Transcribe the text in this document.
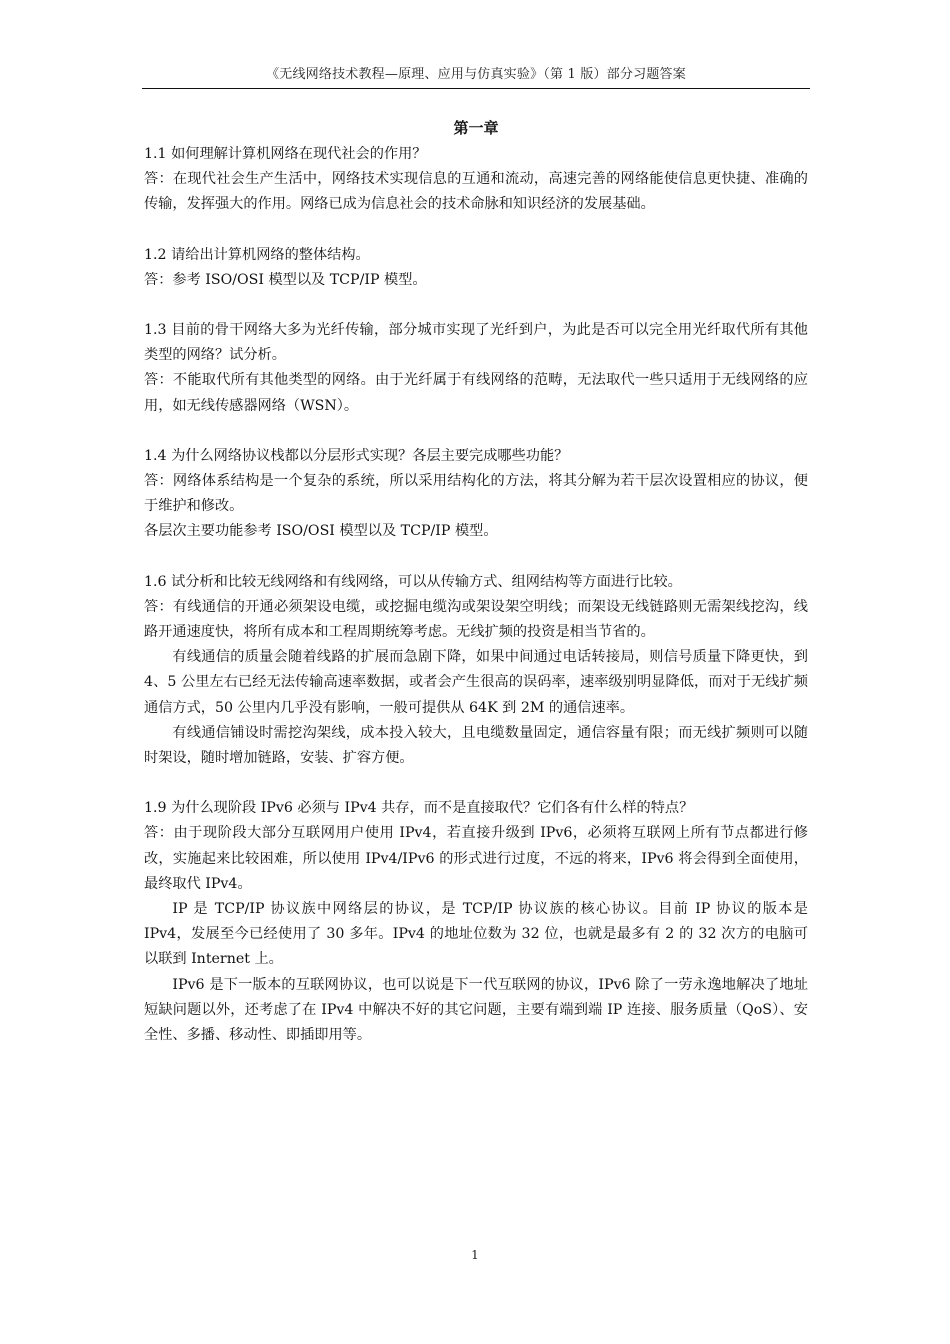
《无线网络技术教程—原理、应用与仿真实验》（第 1 版）部分习题答案
第一章

1.1 如何理解计算机网络在现代社会的作用？

答：在现代社会生产生活中，网络技术实现信息的互通和流动，高速完善的网络能使信息更快捷、准确的传输，发挥强大的作用。网络已成为信息社会的技术命脉和知识经济的发展基础。

1.2 请给出计算机网络的整体结构。

答：参考 ISO/OSI 模型以及 TCP/IP 模型。

1.3 目前的骨干网络大多为光纤传输，部分城市实现了光纤到户，为此是否可以完全用光纤取代所有其他类型的网络？试分析。

答：不能取代所有其他类型的网络。由于光纤属于有线网络的范畴，无法取代一些只适用于无线网络的应用，如无线传感器网络（WSN）。

1.4 为什么网络协议栈都以分层形式实现？各层主要完成哪些功能？

答：网络体系结构是一个复杂的系统，所以采用结构化的方法，将其分解为若干层次设置相应的协议，便于维护和修改。

各层次主要功能参考 ISO/OSI 模型以及 TCP/IP 模型。

1.6 试分析和比较无线网络和有线网络，可以从传输方式、组网结构等方面进行比较。

答：有线通信的开通必须架设电缆，或挖掘电缆沟或架设架空明线；而架设无线链路则无需架线挖沟，线路开通速度快，将所有成本和工程周期统筹考虑。无线扩频的投资是相当节省的。

有线通信的质量会随着线路的扩展而急剧下降，如果中间通过电话转接局，则信号质量下降更快，到 4、5 公里左右已经无法传输高速率数据，或者会产生很高的误码率，速率级别明显降低，而对于无线扩频通信方式，50 公里内几乎没有影响，一般可提供从 64K 到 2M 的通信速率。

有线通信铺设时需挖沟架线，成本投入较大，且电缆数量固定，通信容量有限；而无线扩频则可以随时架设，随时增加链路，安装、扩容方便。

1.9 为什么现阶段 IPv6 必须与 IPv4 共存，而不是直接取代？它们各有什么样的特点？

答：由于现阶段大部分互联网用户使用 IPv4，若直接升级到 IPv6，必须将互联网上所有节点都进行修改，实施起来比较困难，所以使用 IPv4/IPv6 的形式进行过度，不远的将来，IPv6 将会得到全面使用，最终取代 IPv4。

IP 是 TCP/IP 协议族中网络层的协议，是 TCP/IP 协议族的核心协议。目前 IP 协议的版本是 IPv4，发展至今已经使用了 30 多年。IPv4 的地址位数为 32 位，也就是最多有 2 的 32 次方的电脑可以联到 Internet 上。

IPv6 是下一版本的互联网协议，也可以说是下一代互联网的协议，IPv6 除了一劳永逸地解决了地址短缺问题以外，还考虑了在 IPv4 中解决不好的其它问题，主要有端到端 IP 连接、服务质量（QoS）、安全性、多播、移动性、即插即用等。

1
